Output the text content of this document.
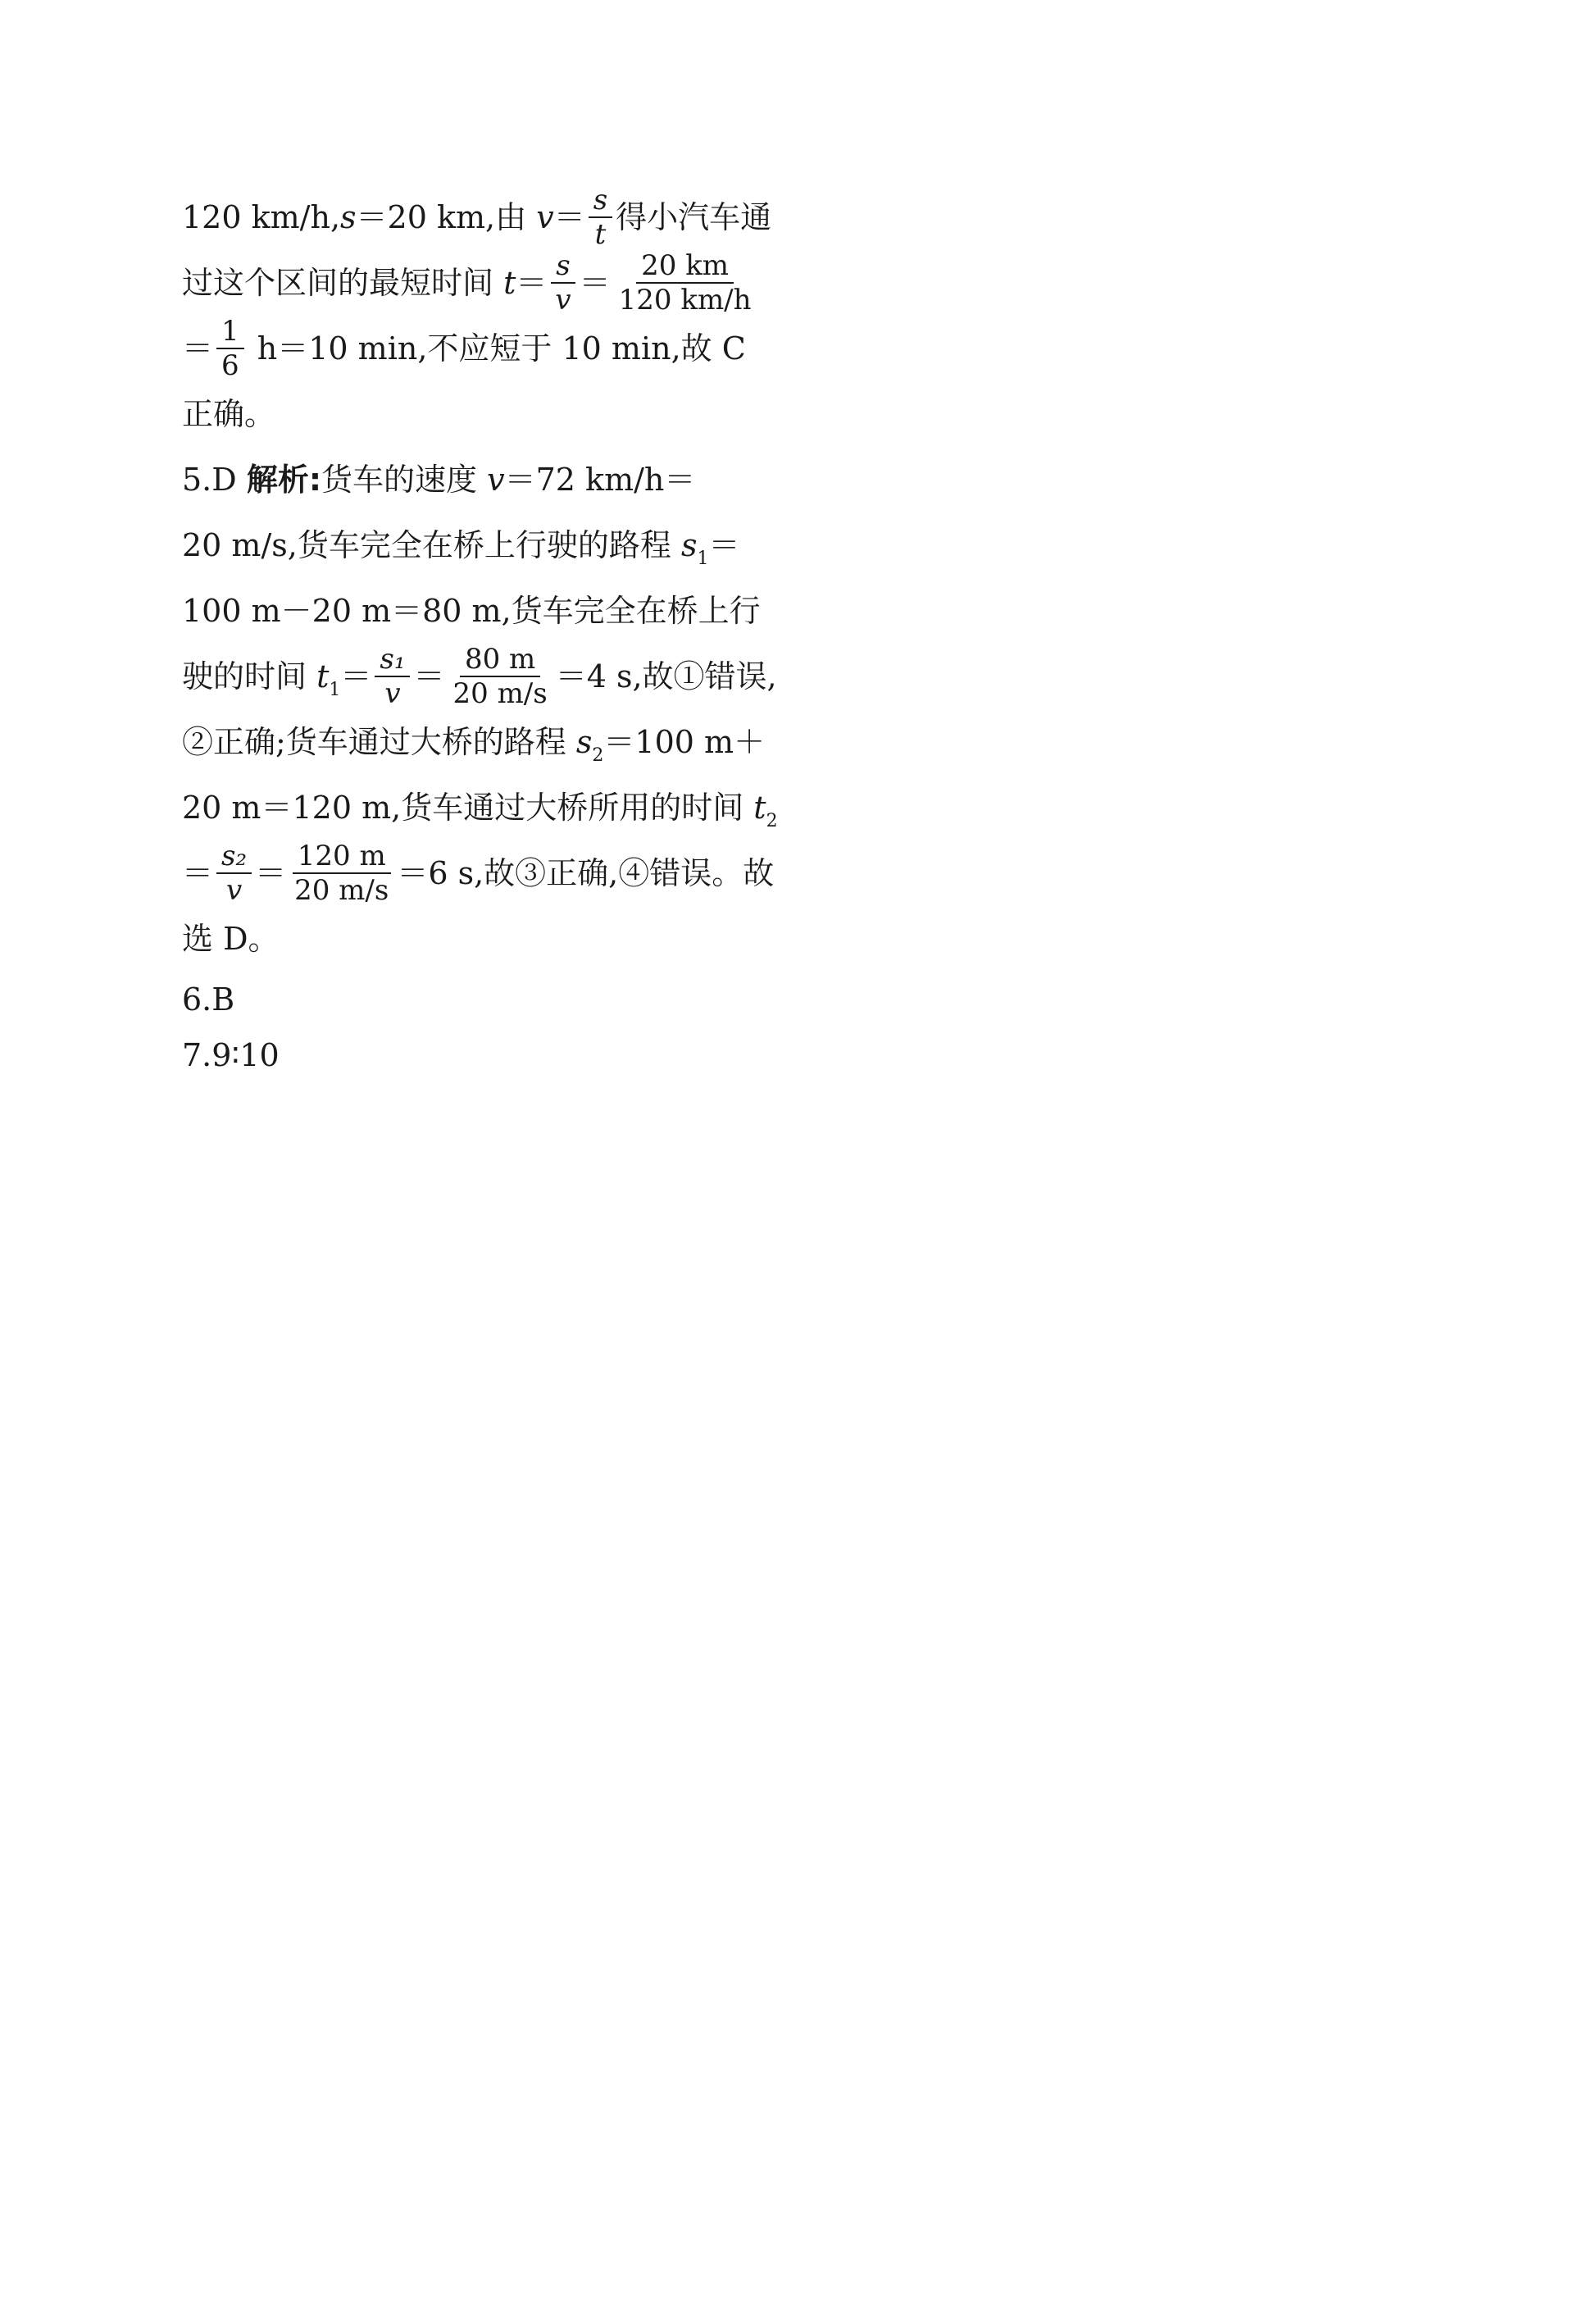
120 km/h,s＝20 km,由 $v= \frac{s}{t}$ 得小汽车通
过这个区间的最短时间 $t= \frac{s}{v} = \frac{20 km}{120 km/h}$
＝ $\frac{1}{6} h=10$ min,不应短于 10 min,故 C
正确。
5.D 解析:货车的速度 v＝72 km/h＝
20 m/s,货车完全在桥上行驶的路程 $s_1=$
100 m－20 m＝80 m,货车完全在桥上行
驶的时间 $t_1= \frac{\text{s₁}}{v} = \frac{80 m}{20 m/s} =4$ s,故①错误,
②正确;货车通过大桥的路程 $s_2=100$ m＋
20 m＝120 m,货车通过大桥所用的时间 $t_2$
＝ $\frac{\text{s₂}}{v} = \frac{120 m}{20 m/s} =6$ s,故③正确,④错误。故
选 D。
6.B
7.9∶10
